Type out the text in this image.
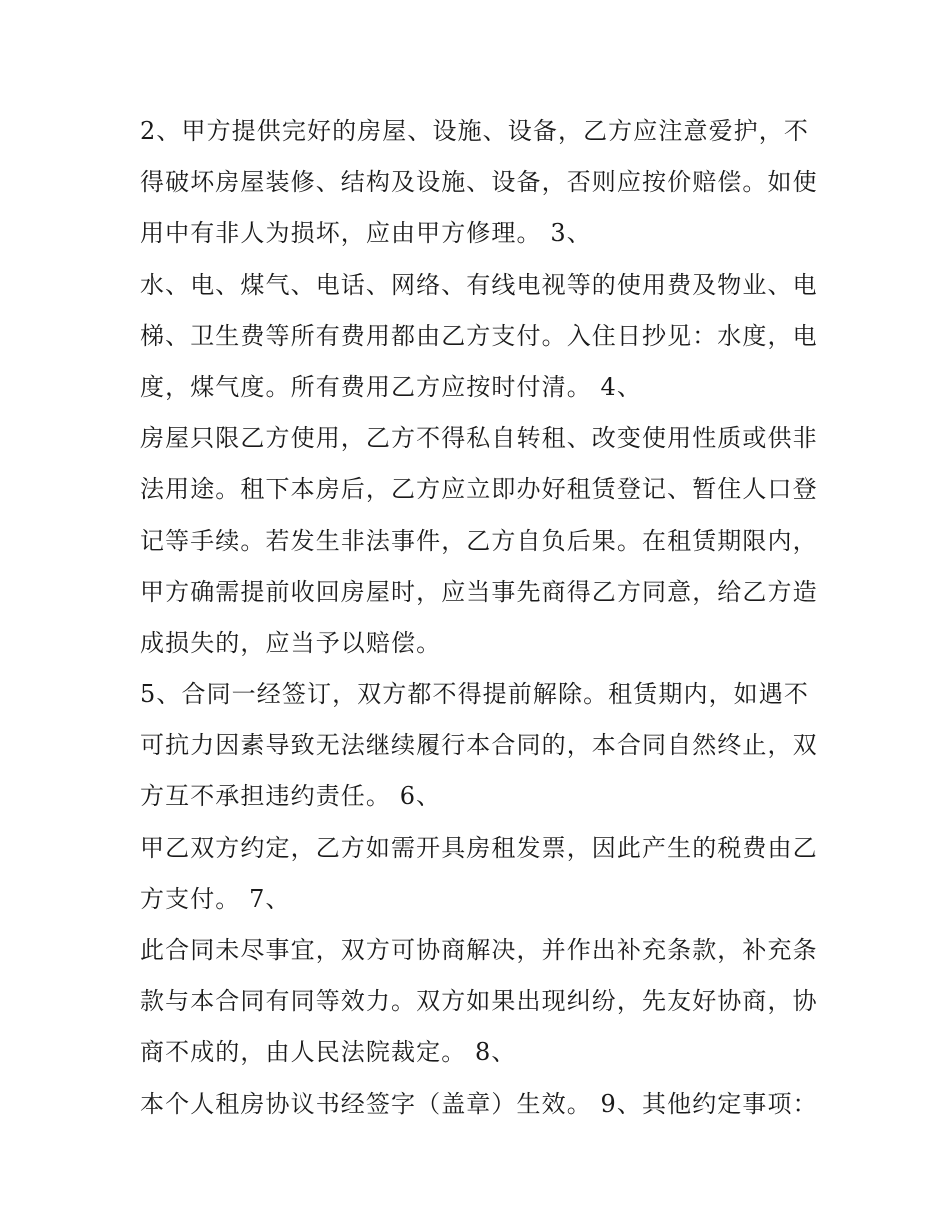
2、甲方提供完好的房屋、设施、设备，乙方应注意爱护，不
得破坏房屋装修、结构及设施、设备，否则应按价赔偿。如使
用中有非人为损坏，应由甲方修理。 3、
水、电、煤气、电话、网络、有线电视等的使用费及物业、电
梯、卫生费等所有费用都由乙方支付。入住日抄见：水度，电
度，煤气度。所有费用乙方应按时付清。 4、
房屋只限乙方使用，乙方不得私自转租、改变使用性质或供非
法用途。租下本房后，乙方应立即办好租赁登记、暂住人口登
记等手续。若发生非法事件，乙方自负后果。在租赁期限内，
甲方确需提前收回房屋时，应当事先商得乙方同意，给乙方造
成损失的，应当予以赔偿。
5、合同一经签订，双方都不得提前解除。租赁期内，如遇不
可抗力因素导致无法继续履行本合同的，本合同自然终止，双
方互不承担违约责任。 6、
甲乙双方约定，乙方如需开具房租发票，因此产生的税费由乙
方支付。 7、
此合同未尽事宜，双方可协商解决，并作出补充条款，补充条
款与本合同有同等效力。双方如果出现纠纷，先友好协商，协
商不成的，由人民法院裁定。 8、
本个人租房协议书经签字（盖章）生效。 9、其他约定事项：
